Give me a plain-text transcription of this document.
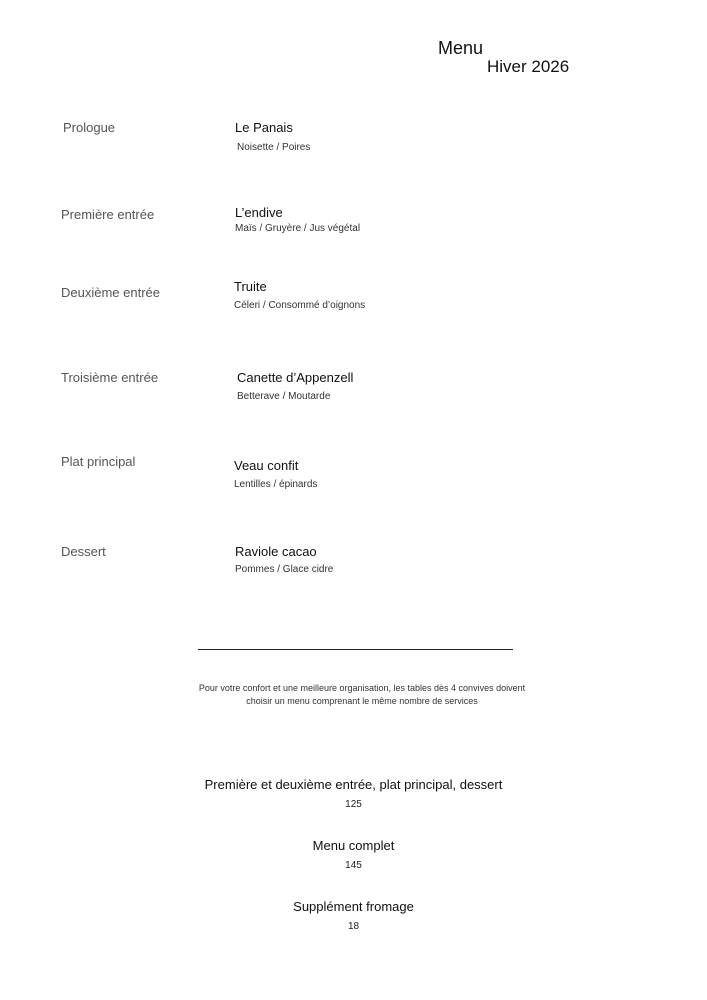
Menu
Hiver 2026
Prologue	Le Panais
Noisette / Poires
Première entrée	L’endive
Maïs / Gruyère / Jus végétal
Deuxième entrée	Truite
Céleri / Consommé d’oignons
Troisième entrée	Canette d’Appenzell
Betterave / Moutarde
Plat principal	Veau confit
Lentilles / épinards
Dessert	Raviole cacao
Pommes / Glace cidre
Pour votre confort et une meilleure organisation, les tables dès 4 convives doivent
choisir un menu comprenant le même nombre de services
Première et deuxième entrée, plat principal, dessert
125
Menu complet
145
Supplément fromage
18
